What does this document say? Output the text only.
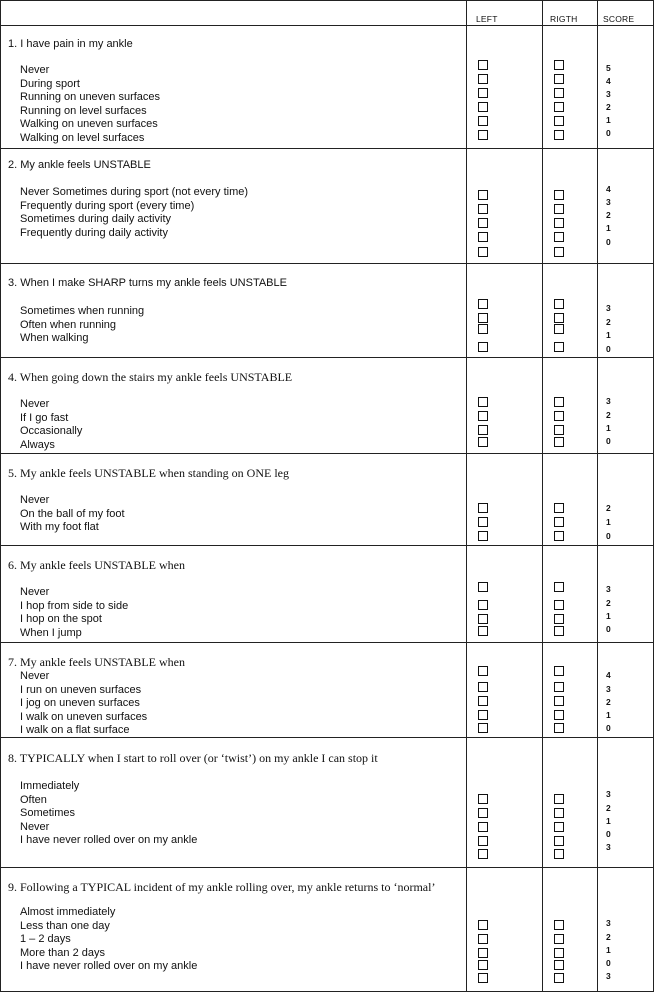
LEFT	RIGTH	SCORE
1. I have pain in my ankle
Never
During sport
Running on uneven surfaces
Running on level surfaces
Walking on uneven surfaces
Walking on level surfaces
5
4
3
2
1
0
2. My ankle feels UNSTABLE
Never Sometimes during sport (not every time)
Frequently during sport (every time)
Sometimes during daily activity
Frequently during daily activity
4
3
2
1
0
3. When I make SHARP turns my ankle feels UNSTABLE
Sometimes when running
Often when running
When walking
3
2
1
0
4. When going down the stairs my ankle feels UNSTABLE
Never
If I go fast
Occasionally
Always
3
2
1
0
5. My ankle feels UNSTABLE when standing on ONE leg
Never
On the ball of my foot
With my foot flat
2
1
0
6. My ankle feels UNSTABLE when
Never
I hop from side to side
I hop on the spot
When I jump
3
2
1
0
7. My ankle feels UNSTABLE when
Never
I run on uneven surfaces
I jog on uneven surfaces
I walk on uneven surfaces
I walk on a flat surface
4
3
2
1
0
8. TYPICALLY when I start to roll over (or ‘twist’) on my ankle I can stop it
Immediately
Often
Sometimes
Never
I have never rolled over on my ankle
3
2
1
0
3
9. Following a TYPICAL incident of my ankle rolling over, my ankle returns to ‘normal’
Almost immediately
Less than one day
1 – 2 days
More than 2 days
I have never rolled over on my ankle
3
2
1
0
3
